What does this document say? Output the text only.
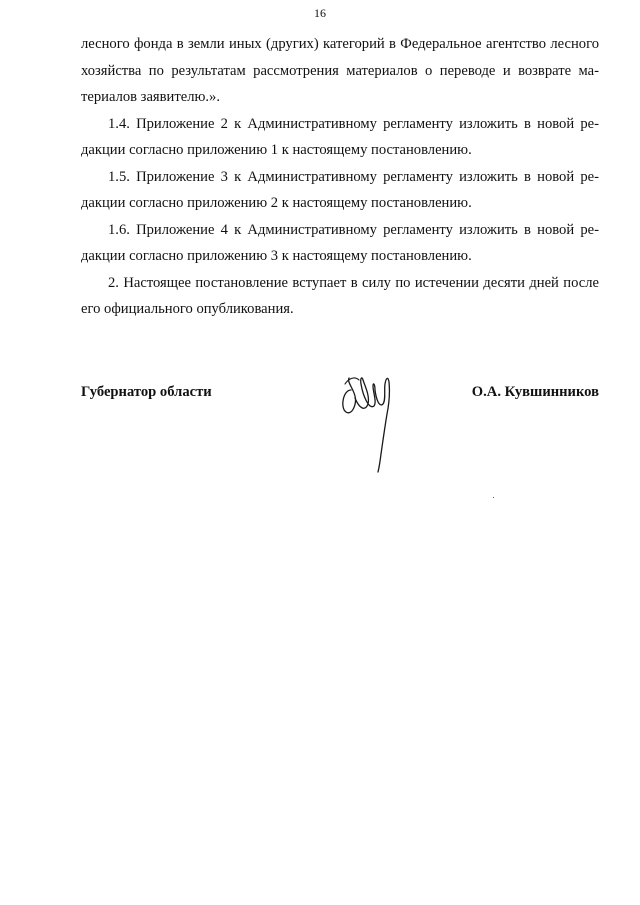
16

лесного фонда в земли иных (других) категорий в Федеральное агентство лесного хозяйства по результатам рассмотрения материалов о переводе и возврате материалов заявителю.».

1.4. Приложение 2 к Административному регламенту изложить в новой редакции согласно приложению 1 к настоящему постановлению.

1.5. Приложение 3 к Административному регламенту изложить в новой редакции согласно приложению 2 к настоящему постановлению.

1.6. Приложение 4 к Административному регламенту изложить в новой редакции согласно приложению 3 к настоящему постановлению.

2. Настоящее постановление вступает в силу по истечении десяти дней после его официального опубликования.

Губернатор области	О.А. Кувшинников
